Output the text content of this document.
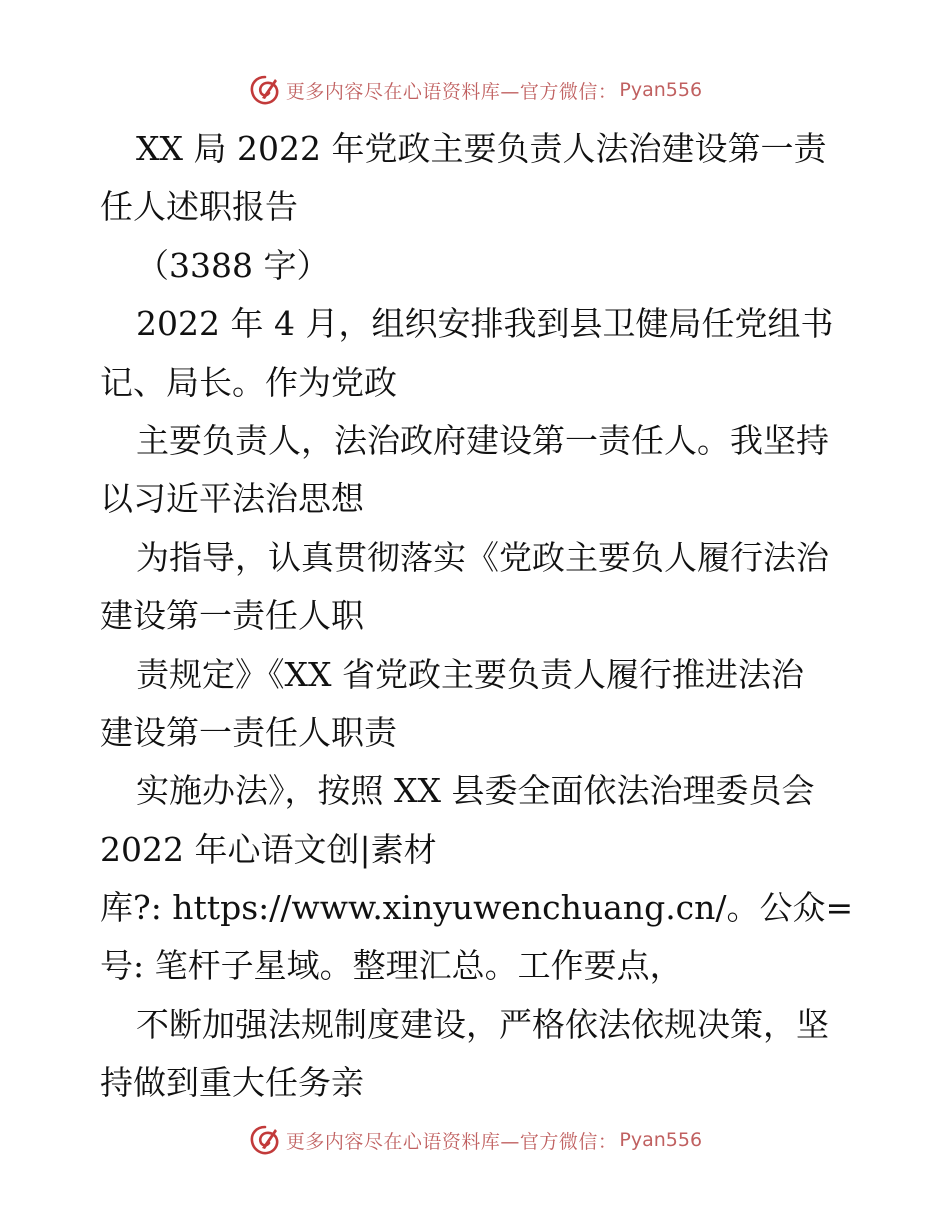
更多内容尽在心语资料库—官方微信： Pyan556
XX 局 2022 年党政主要负责人法治建设第一责
任人述职报告
（3388 字）
2022 年 4 月，组织安排我到县卫健局任党组书
记、局长。作为党政
主要负责人，法治政府建设第一责任人。我坚持
以习近平法治思想
为指导，认真贯彻落实《党政主要负人履行法治
建设第一责任人职
责规定》《XX 省党政主要负责人履行推进法治
建设第一责任人职责
实施办法》，按照 XX 县委全面依法治理委员会
2022 年心语文创|素材
库?: https://www.xinyuwenchuang.cn/。公众=
号: 笔杆子星域。整理汇总。工作要点，
不断加强法规制度建设，严格依法依规决策，坚
持做到重大任务亲
更多内容尽在心语资料库—官方微信： Pyan556
